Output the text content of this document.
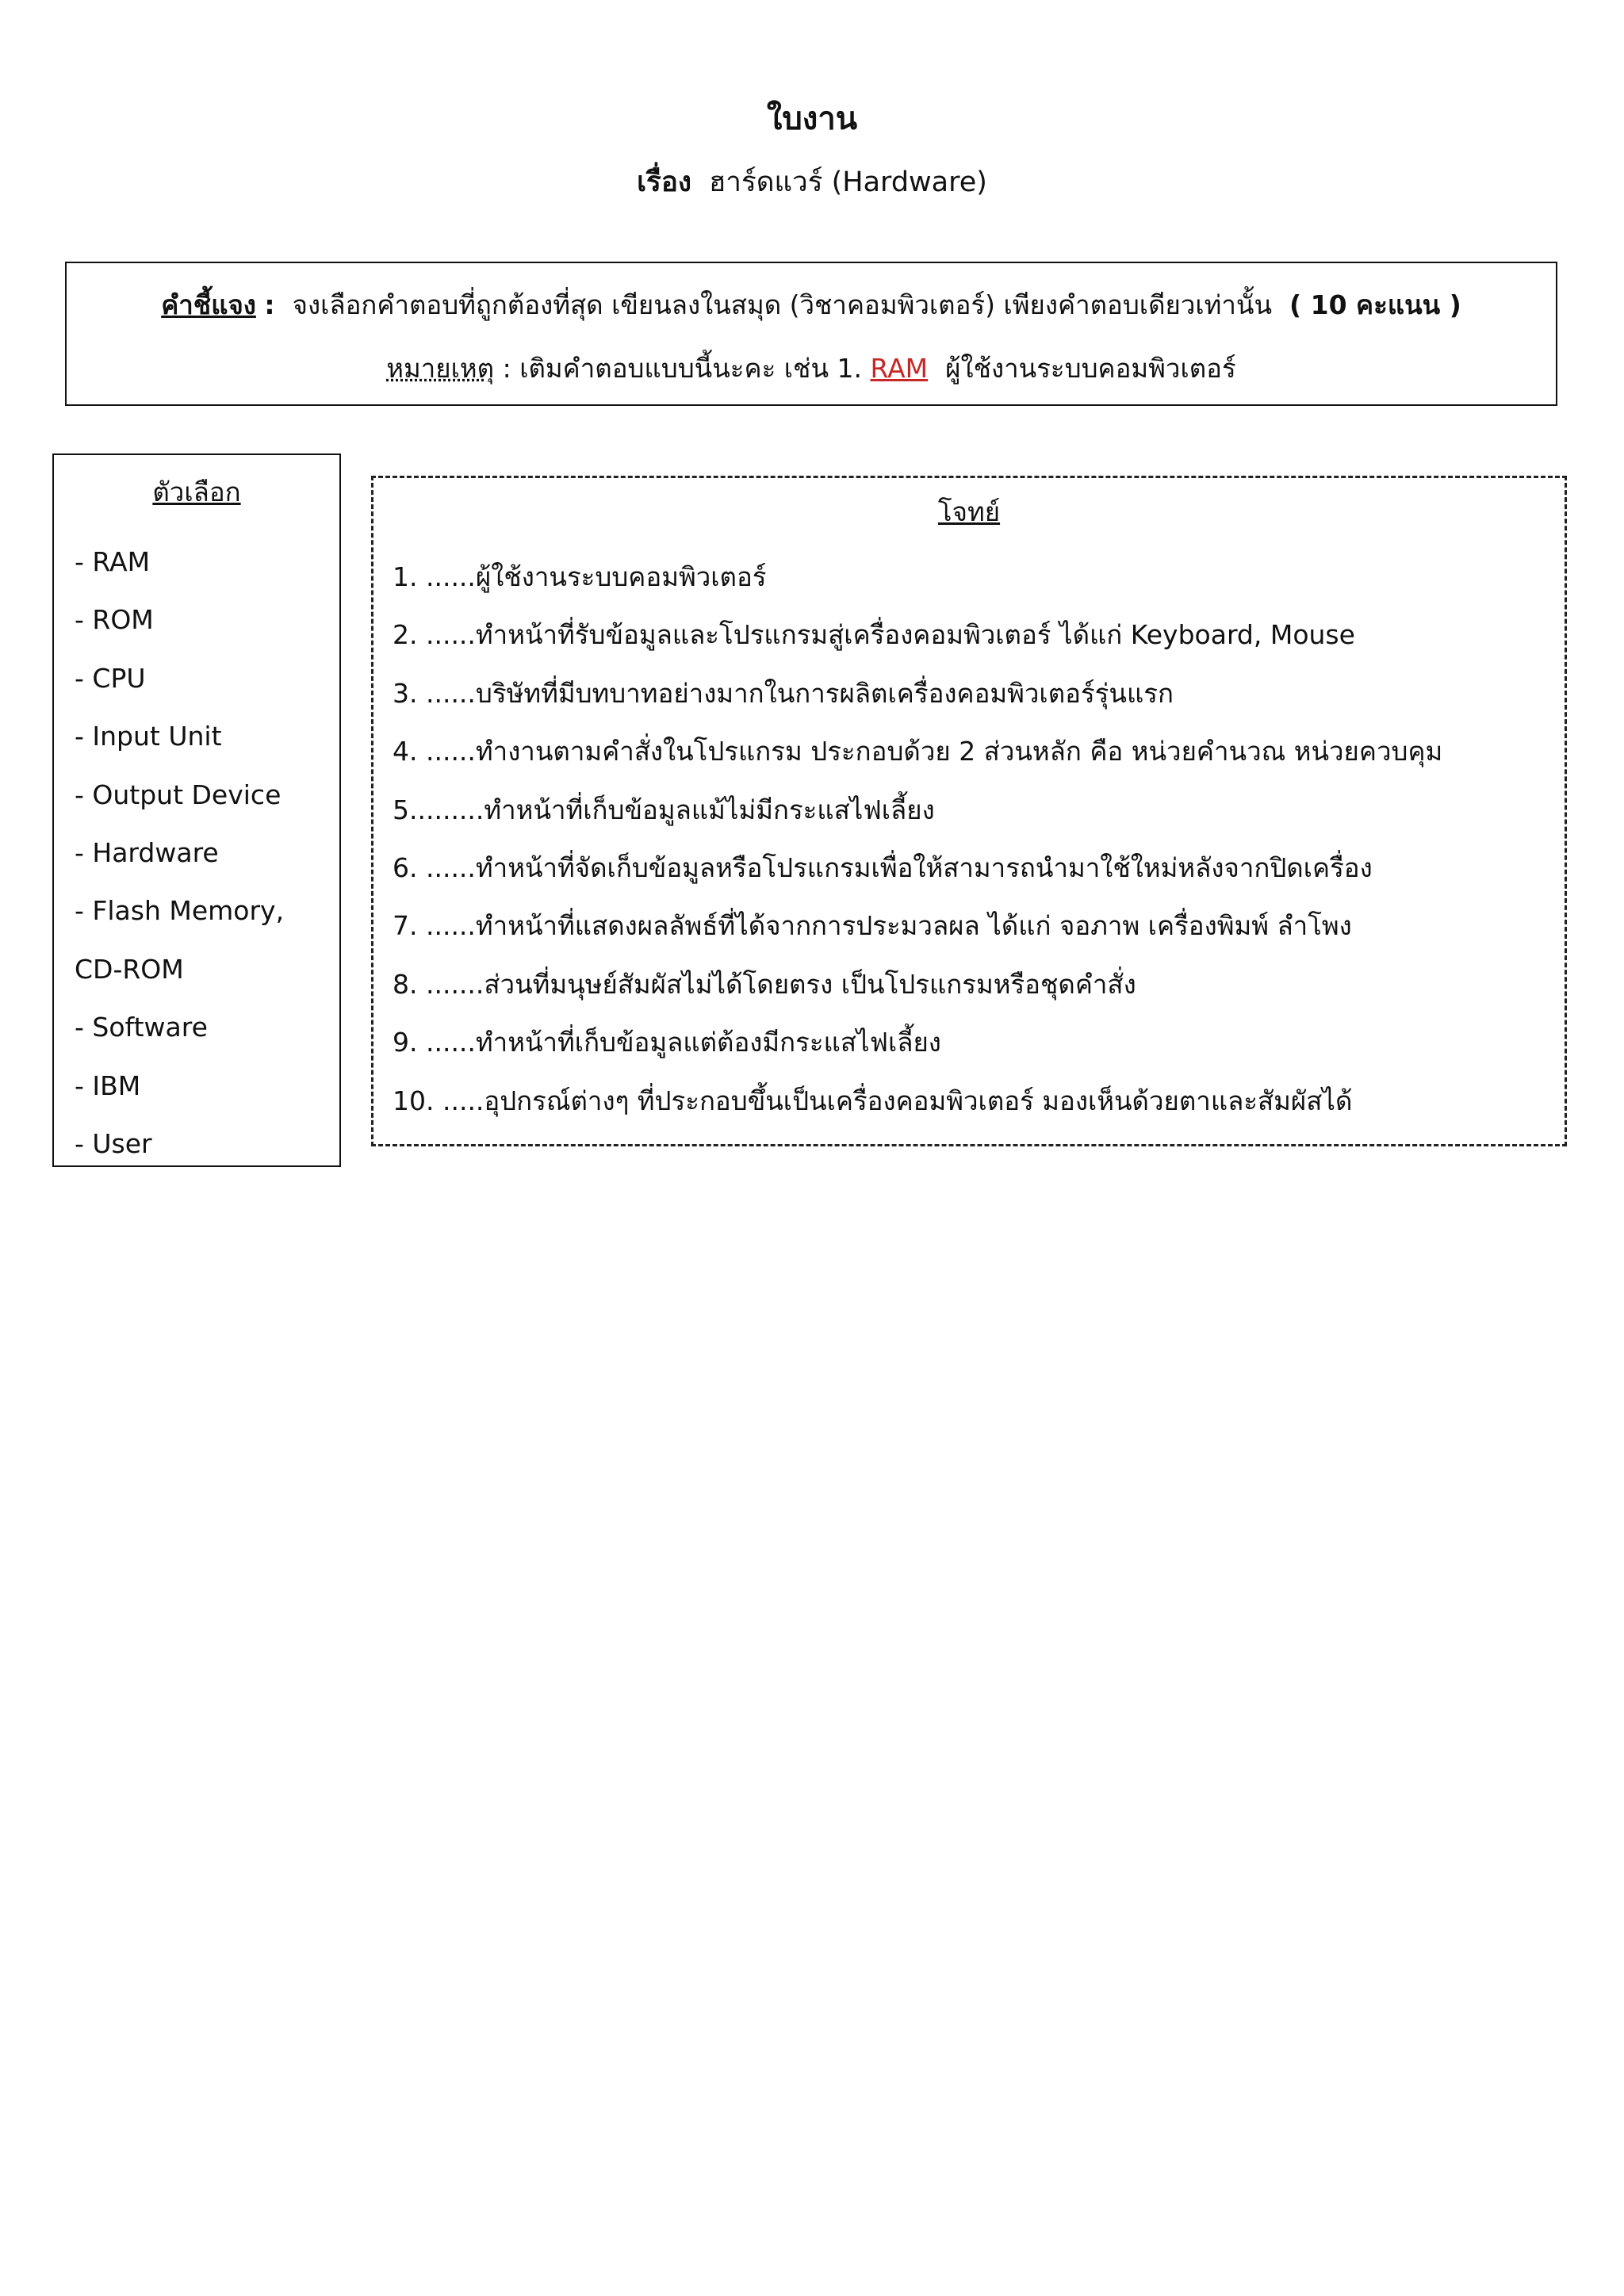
ใบงาน
เรื่อง ฮาร์ดแวร์ (Hardware)
คำชี้แจง : จงเลือกคำตอบที่ถูกต้องที่สุด เขียนลงในสมุด (วิชาคอมพิวเตอร์) เพียงคำตอบเดียวเท่านั้น ( 10 คะแนน )
หมายเหตุ : เติมคำตอบแบบนี้นะคะ เช่น 1. RAM ผู้ใช้งานระบบคอมพิวเตอร์
ตัวเลือก
- RAM
- ROM
- CPU
- Input Unit
- Output Device
- Hardware
- Flash Memory,
CD-ROM
- Software
- IBM
- User
โจทย์
1. ......ผู้ใช้งานระบบคอมพิวเตอร์
2. ......ทำหน้าที่รับข้อมูลและโปรแกรมสู่เครื่องคอมพิวเตอร์ ได้แก่ Keyboard, Mouse
3. ......บริษัทที่มีบทบาทอย่างมากในการผลิตเครื่องคอมพิวเตอร์รุ่นแรก
4. ......ทำงานตามคำสั่งในโปรแกรม ประกอบด้วย 2 ส่วนหลัก คือ หน่วยคำนวณ หน่วยควบคุม
5.........ทำหน้าที่เก็บข้อมูลแม้ไม่มีกระแสไฟเลี้ยง
6. ......ทำหน้าที่จัดเก็บข้อมูลหรือโปรแกรมเพื่อให้สามารถนำมาใช้ใหม่หลังจากปิดเครื่อง
7. ......ทำหน้าที่แสดงผลลัพธ์ที่ได้จากการประมวลผล ได้แก่ จอภาพ เครื่องพิมพ์ ลำโพง
8. .......ส่วนที่มนุษย์สัมผัสไม่ได้โดยตรง เป็นโปรแกรมหรือชุดคำสั่ง
9. ......ทำหน้าที่เก็บข้อมูลแต่ต้องมีกระแสไฟเลี้ยง
10. .....อุปกรณ์ต่างๆ ที่ประกอบขึ้นเป็นเครื่องคอมพิวเตอร์ มองเห็นด้วยตาและสัมผัสได้
